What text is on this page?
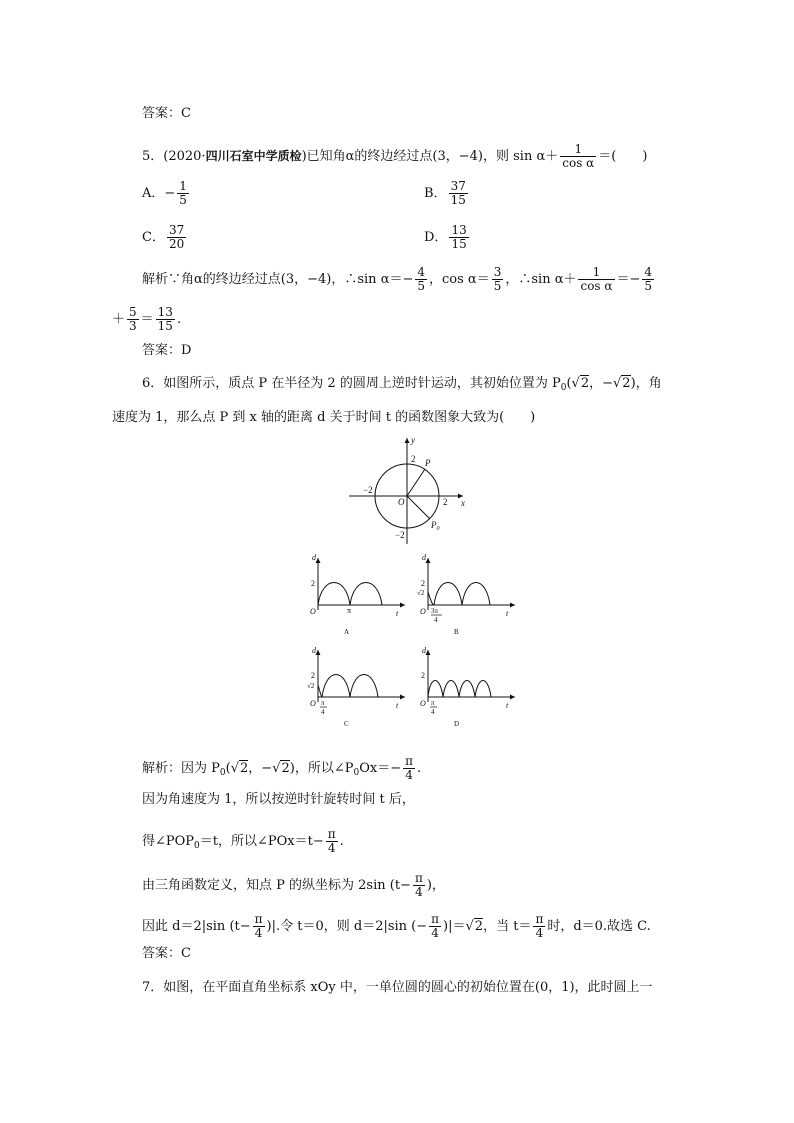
答案：C
5．(2020·四川石室中学质检)已知角α的终边经过点(3，−4)，则 $\sin \alpha+ \frac{1}{\text{cos α}}$ ＝(　　)
A．− $\frac{1}{5}$	B． $\frac{37}{15}$
C． $\frac{37}{20}$	D． $\frac{13}{15}$
解析∵角α的终边经过点(3，−4)，∴sin $\alpha=- \frac{4}{5}$ ，$\cos \alpha= \frac{3}{5}$ ，∴sin $\alpha+ \frac{1}{\text{cos α}} =- \frac{4}{5}$
＋ $\frac{5}{3} = \frac{13}{15}$ .
答案：D
6．如图所示，质点 P 在半径为 2 的圆周上逆时针运动，其初始位置为 $P_0(√2$，−√2)，角
速度为 1，那么点 P 到 x 轴的距离 d 关于时间 t 的函数图象大致为(　　)
y
x
O
P
$P_0$
−2
2
2
−2
d
t
O
2
π
A
d
t
O
2
√2
3π
4
B
d
t
O
2
√2
π
4
C
d
t
O
2
π
4
D
解析：因为 $P_0(√2$，−√2)，所以$\angle P_0Ox=- \frac{\pi}{4}$ .
因为角速度为 1，所以按逆时针旋转时间 t 后，
得$\angle POP_0=t$，所以∠POx＝t− $\frac{\pi}{4}$ .
由三角函数定义，知点 P 的纵坐标为 2sin ($t- \frac{\pi}{4}$ )，
因此 d＝2|sin ($t- \frac{\pi}{4}$ )|.令 t＝0，则 d＝2|sin (− $\frac{\pi}{4} )|=√2$，当 $t= \frac{\pi}{4}$ 时，d＝0.故选 C.
答案：C
7．如图，在平面直角坐标系 xOy 中，一单位圆的圆心的初始位置在(0，1)，此时圆上一
